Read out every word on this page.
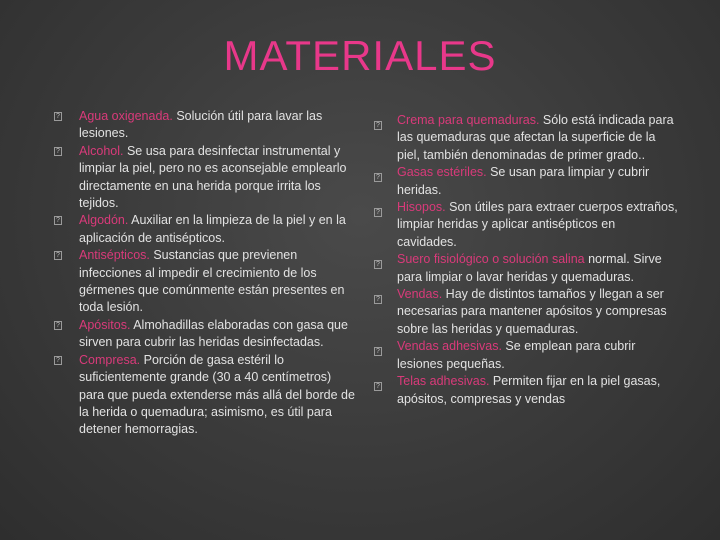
MATERIALES
? Agua oxigenada. Solución útil para lavar las lesiones.
? Alcohol. Se usa para desinfectar instrumental y limpiar la piel, pero no es aconsejable emplearlo directamente en una herida porque irrita los tejidos.
? Algodón. Auxiliar en la limpieza de la piel y en la aplicación de antisépticos.
? Antisépticos. Sustancias que previenen infecciones al impedir el crecimiento de los gérmenes que comúnmente están presentes en toda lesión.
? Apósitos. Almohadillas elaboradas con gasa que sirven para cubrir las heridas desinfectadas.
? Compresa. Porción de gasa estéril lo suficientemente grande (30 a 40 centímetros) para que pueda extenderse más allá del borde de la herida o quemadura; asimismo, es útil para detener hemorragias.
? Crema para quemaduras. Sólo está indicada para las quemaduras que afectan la superficie de la piel, también denominadas de primer grado..
? Gasas estériles. Se usan para limpiar y cubrir heridas.
? Hisopos. Son útiles para extraer cuerpos extraños, limpiar heridas y aplicar antisépticos en cavidades.
? Suero fisiológico o solución salina normal. Sirve para limpiar o lavar heridas y quemaduras.
? Vendas. Hay de distintos tamaños y llegan a ser necesarias para mantener apósitos y compresas sobre las heridas y quemaduras.
? Vendas adhesivas. Se emplean para cubrir lesiones pequeñas.
? Telas adhesivas. Permiten fijar en la piel gasas, apósitos, compresas y vendas
